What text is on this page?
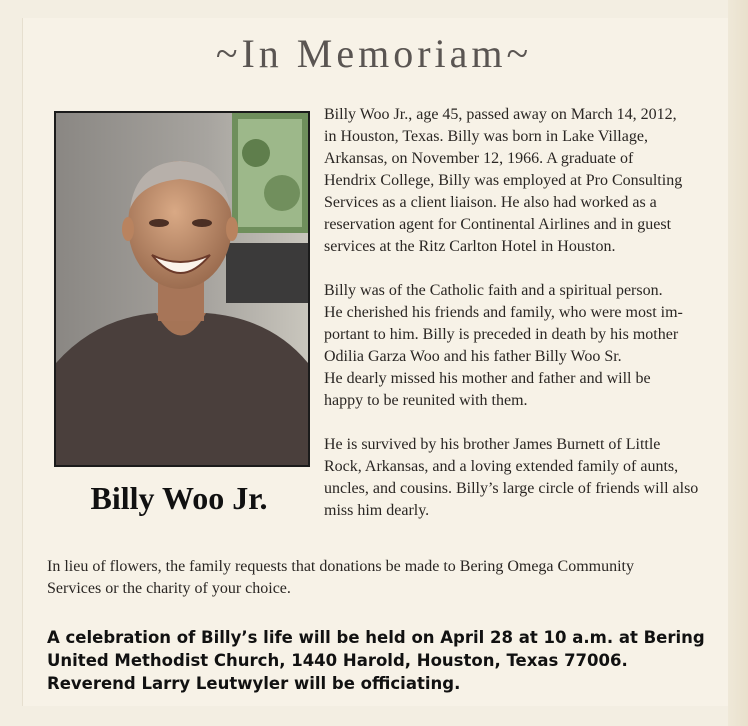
~In Memoriam~
Billy Woo Jr.

Billy Woo Jr., age 45, passed away on March 14, 2012,
in Houston, Texas. Billy was born in Lake Village,
Arkansas, on November 12, 1966. A graduate of
Hendrix College, Billy was employed at Pro Consulting
Services as a client liaison. He also had worked as a
reservation agent for Continental Airlines and in guest
services at the Ritz Carlton Hotel in Houston.

Billy was of the Catholic faith and a spiritual person.
He cherished his friends and family, who were most im-
portant to him. Billy is preceded in death by his mother
Odilia Garza Woo and his father Billy Woo Sr.
He dearly missed his mother and father and will be
happy to be reunited with them.

He is survived by his brother James Burnett of Little
Rock, Arkansas, and a loving extended family of aunts,
uncles, and cousins. Billy’s large circle of friends will also
miss him dearly.

In lieu of flowers, the family requests that donations be made to Bering Omega Community
Services or the charity of your choice.
A celebration of Billy’s life will be held on April 28 at 10 a.m. at Bering
United Methodist Church, 1440 Harold, Houston, Texas 77006.
Reverend Larry Leutwyler will be officiating.
